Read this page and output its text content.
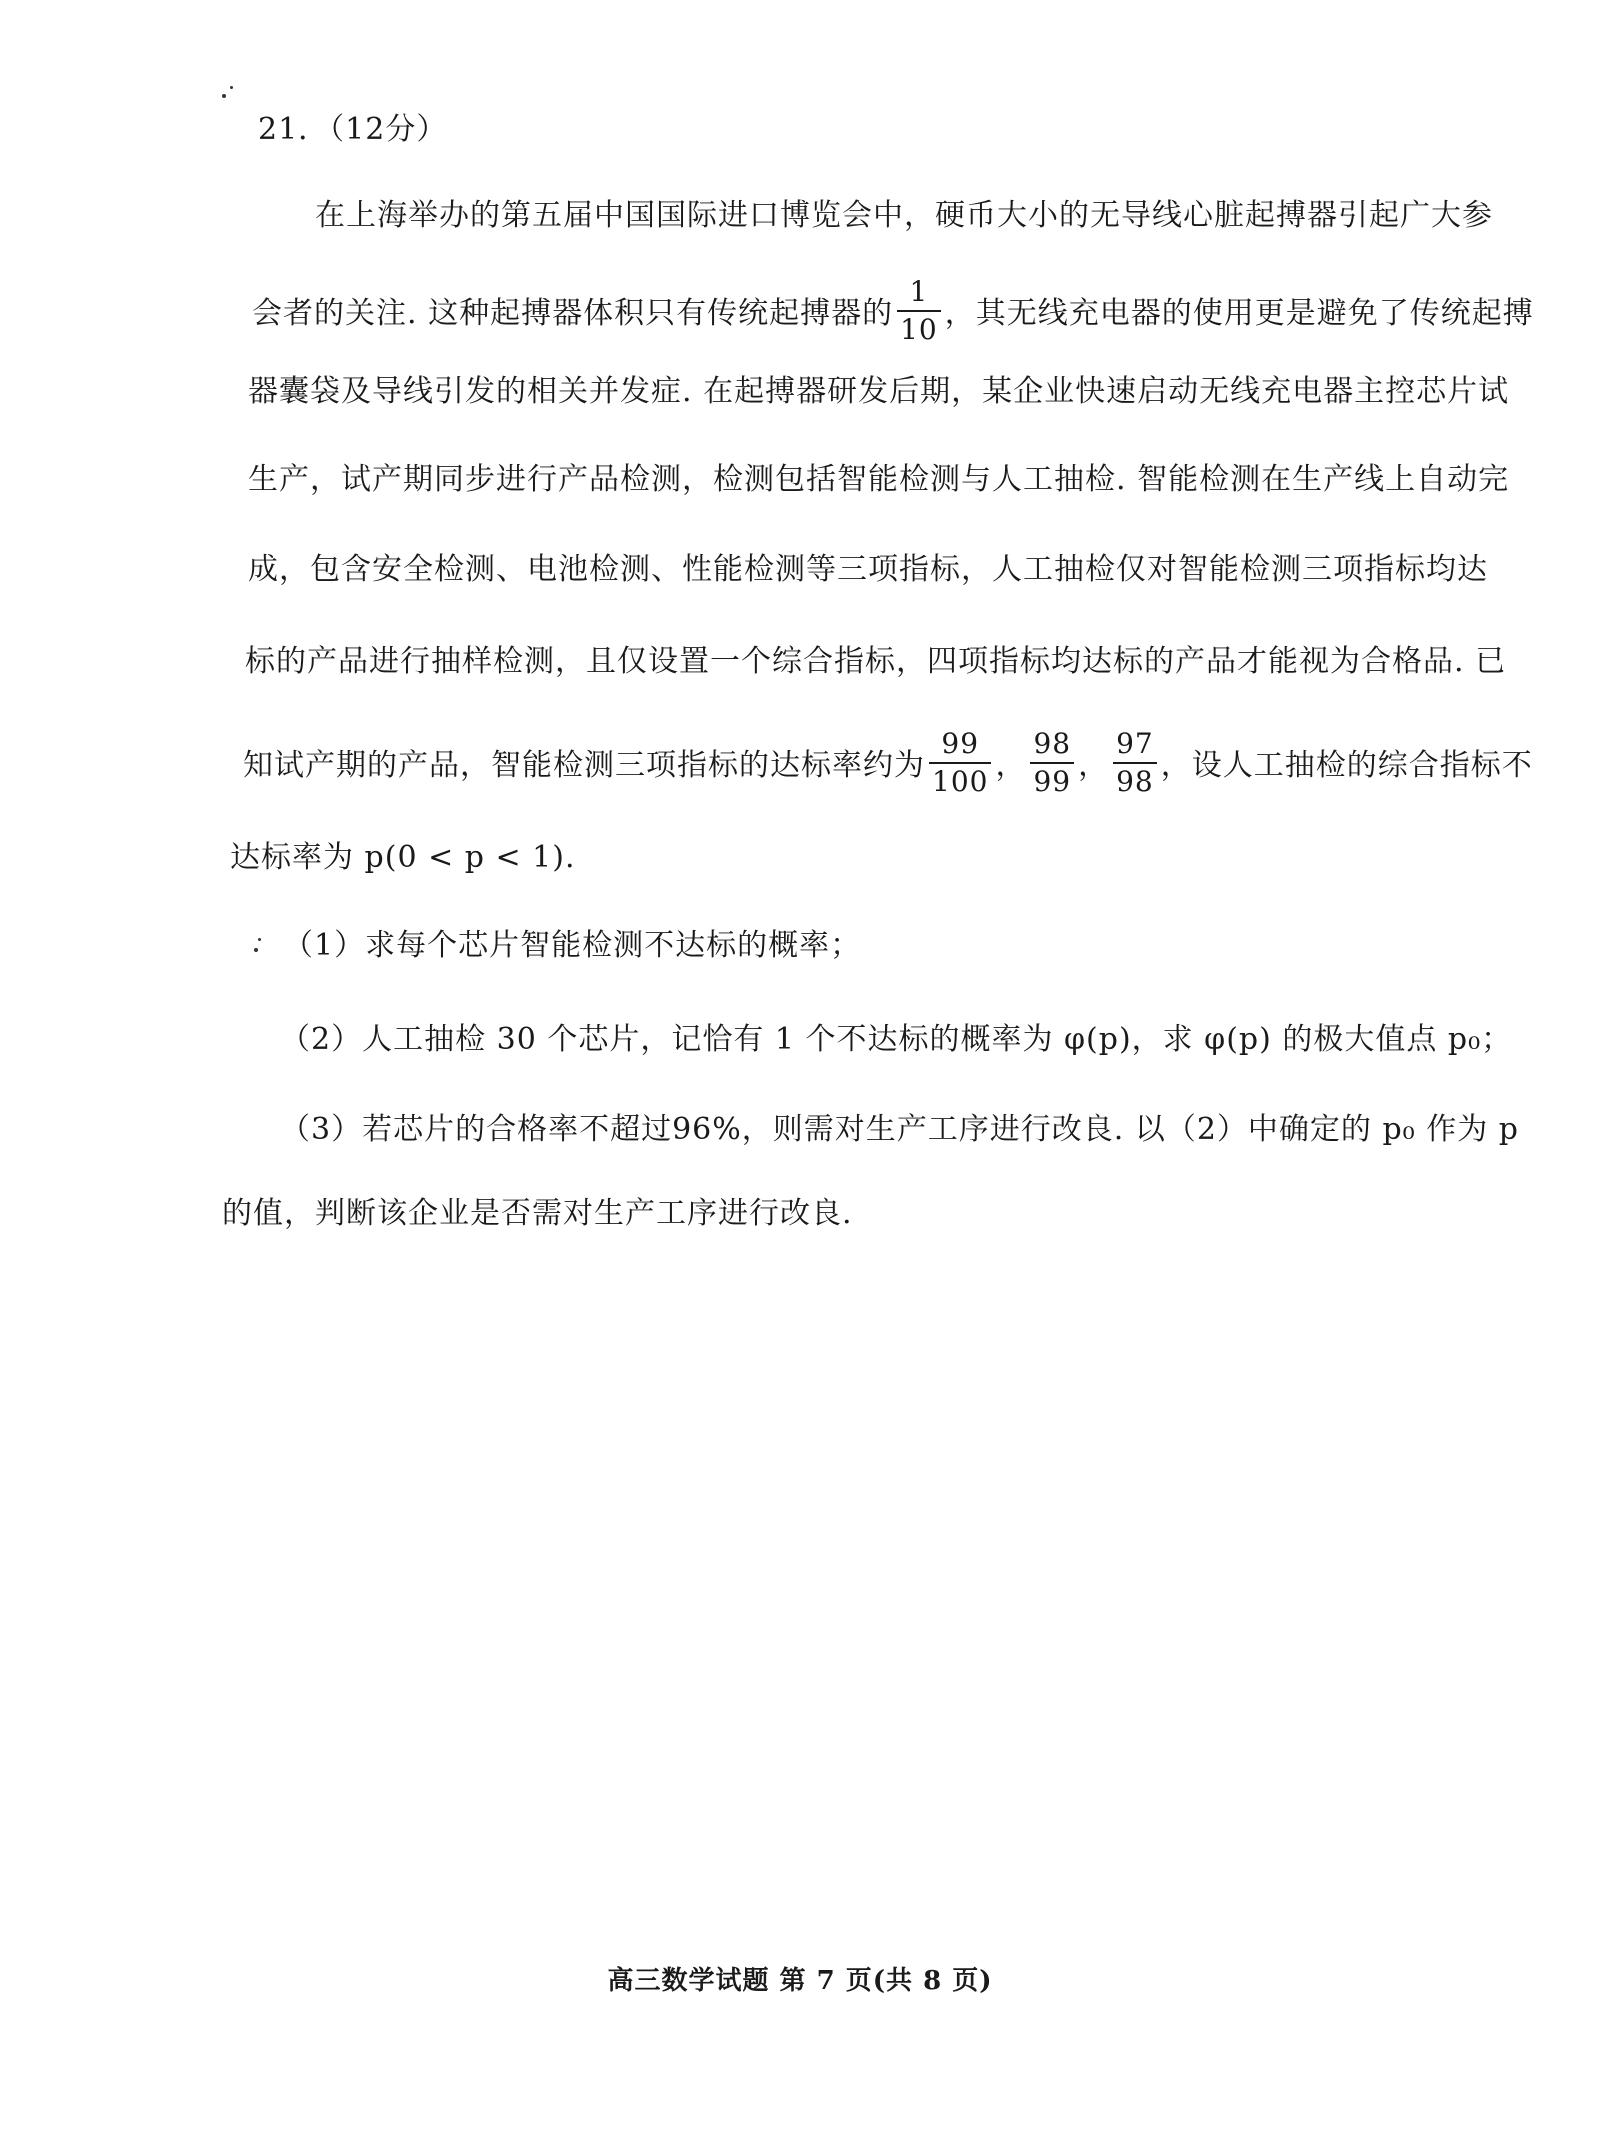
21．（12分）
在上海举办的第五届中国国际进口博览会中，硬币大小的无导线心脏起搏器引起广大参
会者的关注. 这种起搏器体积只有传统起搏器的 $\frac{1}{10}$ ，其无线充电器的使用更是避免了传统起搏
器囊袋及导线引发的相关并发症. 在起搏器研发后期，某企业快速启动无线充电器主控芯片试
生产，试产期同步进行产品检测，检测包括智能检测与人工抽检. 智能检测在生产线上自动完
成，包含安全检测、电池检测、性能检测等三项指标，人工抽检仅对智能检测三项指标均达
标的产品进行抽样检测，且仅设置一个综合指标，四项指标均达标的产品才能视为合格品. 已
知试产期的产品，智能检测三项指标的达标率约为 $\frac{99}{100}$ ， $\frac{98}{99}$ ， $\frac{97}{98}$ ，设人工抽检的综合指标不
达标率为 p(0 < p < 1).
（1）求每个芯片智能检测不达标的概率；
（2）人工抽检 30 个芯片，记恰有 1 个不达标的概率为 φ(p)，求 φ(p) 的极大值点 p₀；
（3）若芯片的合格率不超过96%，则需对生产工序进行改良. 以（2）中确定的 p₀ 作为 p
的值，判断该企业是否需对生产工序进行改良.
高三数学试题 第 7 页(共 8 页)
